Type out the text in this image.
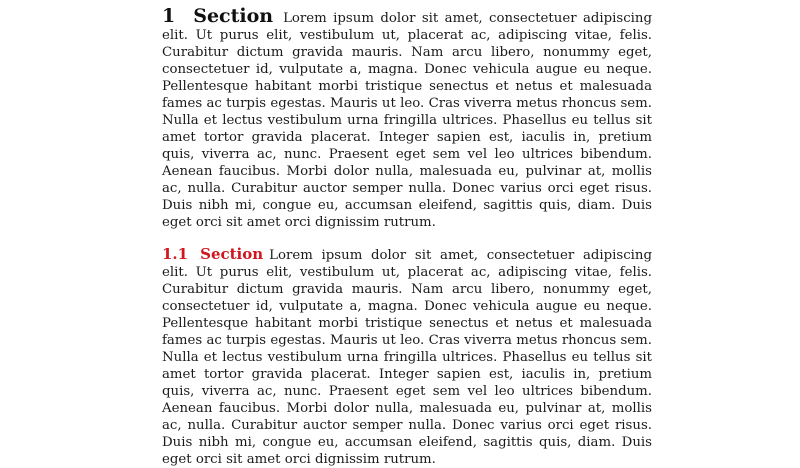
1 Section Lorem ipsum dolor sit amet, consectetuer adipiscing elit. Ut purus elit, vestibulum ut, placerat ac, adipiscing vitae, felis. Curabitur dictum gravida mauris. Nam arcu libero, nonummy eget, consectetuer id, vulputate a, magna. Donec vehicula augue eu neque. Pellentesque habitant morbi tristique senectus et netus et malesuada fames ac turpis egestas. Mauris ut leo. Cras viverra metus rhoncus sem. Nulla et lectus vestibulum urna fringilla ultrices. Phasellus eu tellus sit amet tortor gravida placerat. Integer sapien est, iaculis in, pretium quis, viverra ac, nunc. Praesent eget sem vel leo ultrices bibendum. Aenean faucibus. Morbi dolor nulla, malesuada eu, pulvinar at, mollis ac, nulla. Curabitur auctor semper nulla. Donec varius orci eget risus. Duis nibh mi, congue eu, accumsan eleifend, sagittis quis, diam. Duis eget orci sit amet orci dignissim rutrum.

1.1 Section Lorem ipsum dolor sit amet, consectetuer adipiscing elit. Ut purus elit, vestibulum ut, placerat ac, adipiscing vitae, felis. Curabitur dictum gravida mauris. Nam arcu libero, nonummy eget, consectetuer id, vulputate a, magna. Donec vehicula augue eu neque. Pellentesque habitant morbi tristique senectus et netus et malesuada fames ac turpis egestas. Mauris ut leo. Cras viverra metus rhoncus sem. Nulla et lectus vestibulum urna fringilla ultrices. Phasellus eu tellus sit amet tortor gravida placerat. Integer sapien est, iaculis in, pretium quis, viverra ac, nunc. Praesent eget sem vel leo ultrices bibendum. Aenean faucibus. Morbi dolor nulla, malesuada eu, pulvinar at, mollis ac, nulla. Curabitur auctor semper nulla. Donec varius orci eget risus. Duis nibh mi, congue eu, accumsan eleifend, sagittis quis, diam. Duis eget orci sit amet orci dignissim rutrum.
